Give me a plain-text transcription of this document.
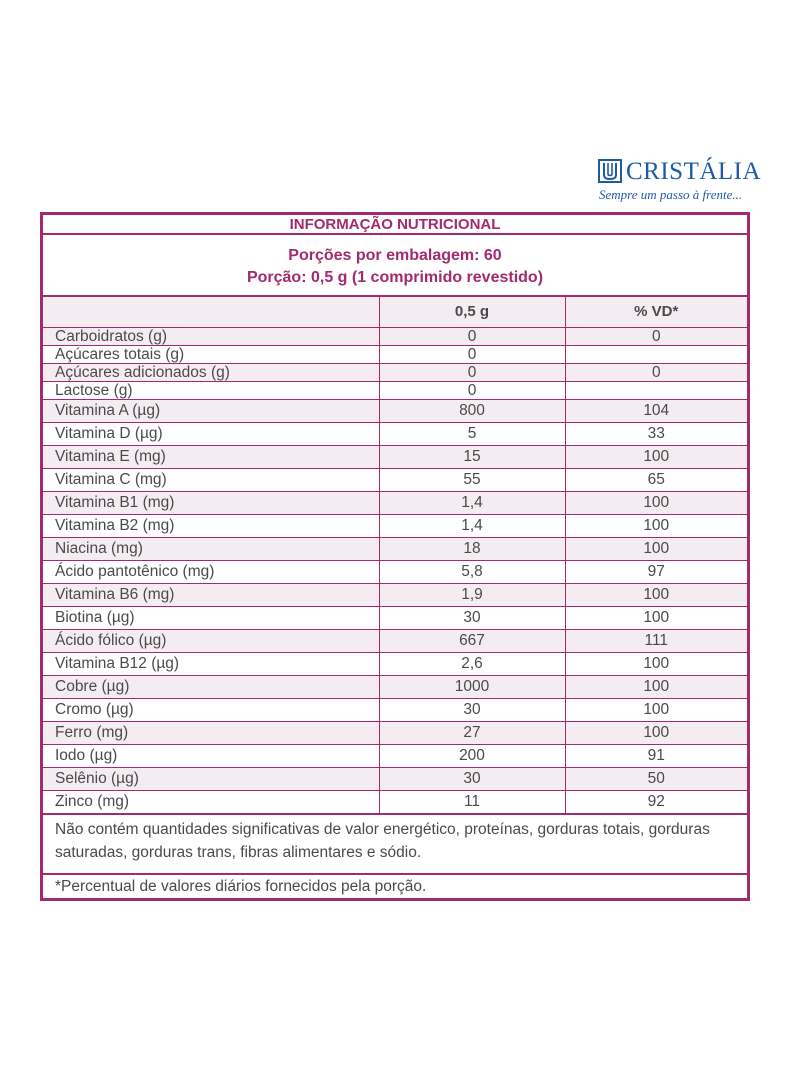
CRISTÁLIA
Sempre um passo à frente...
INFORMAÇÃO NUTRICIONAL
Porções por embalagem: 60
Porção: 0,5 g (1 comprimido revestido)
	0,5 g	% VD*
Carboidratos (g)	0	0
Açúcares totais (g)	0	
Açúcares adicionados (g)	0	0
Lactose (g)	0	
Vitamina A (µg)	800	104
Vitamina D (µg)	5	33
Vitamina E (mg)	15	100
Vitamina C (mg)	55	65
Vitamina B1 (mg)	1,4	100
Vitamina B2 (mg)	1,4	100
Niacina (mg)	18	100
Ácido pantotênico (mg)	5,8	97
Vitamina B6 (mg)	1,9	100
Biotina (µg)	30	100
Ácido fólico (µg)	667	111
Vitamina B12 (µg)	2,6	100
Cobre (µg)	1000	100
Cromo (µg)	30	100
Ferro (mg)	27	100
Iodo (µg)	200	91
Selênio (µg)	30	50
Zinco (mg)	11	92
Não contém quantidades significativas de valor energético, proteínas, gorduras totais, gorduras saturadas, gorduras trans, fibras alimentares e sódio.
*Percentual de valores diários fornecidos pela porção.
